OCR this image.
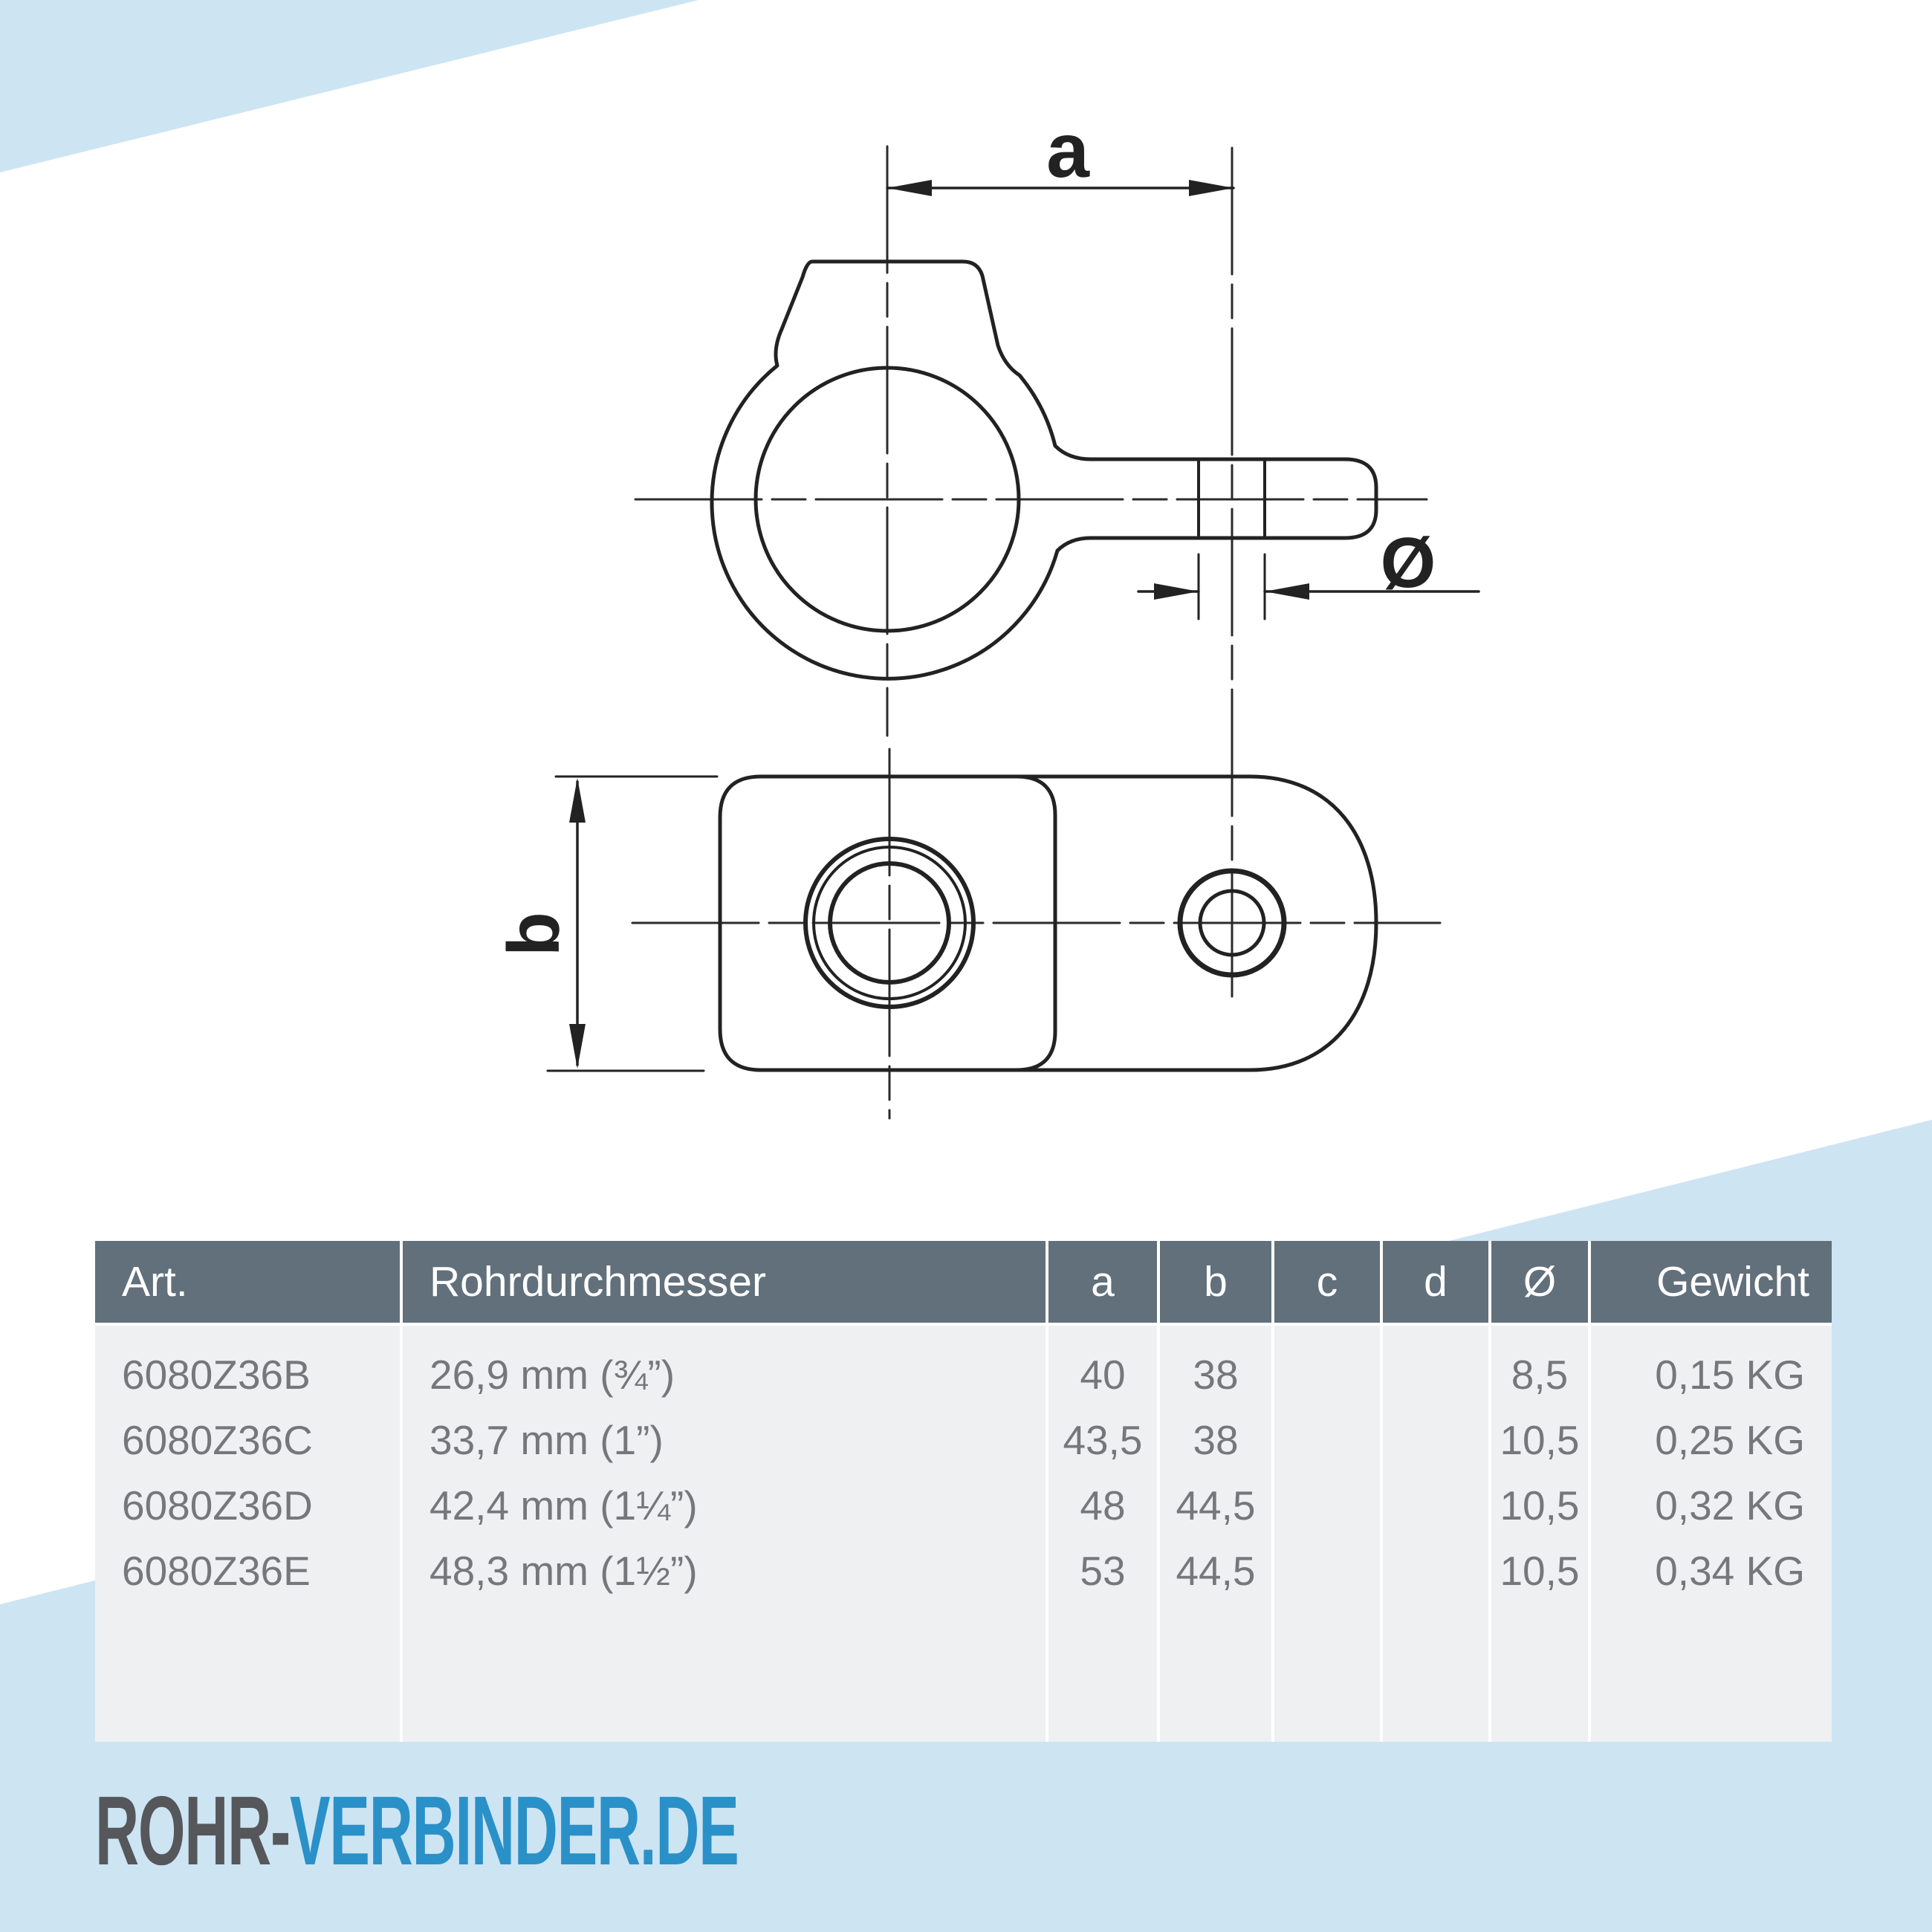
a
Ø
b
Art.
6080Z36B
6080Z36C
6080Z36D
6080Z36E
Rohrdurchmesser
26,9 mm (¾”)
33,7 mm (1”)
42,4 mm (1¼”)
48,3 mm (1½”)
a
40
43,5
48
53
b
38
38
44,5
44,5
c	d	Ø
8,5
10,5
10,5
10,5
Gewicht
0,15 KG
0,25 KG
0,32 KG
0,34 KG
ROHR-VERBINDER.DE
